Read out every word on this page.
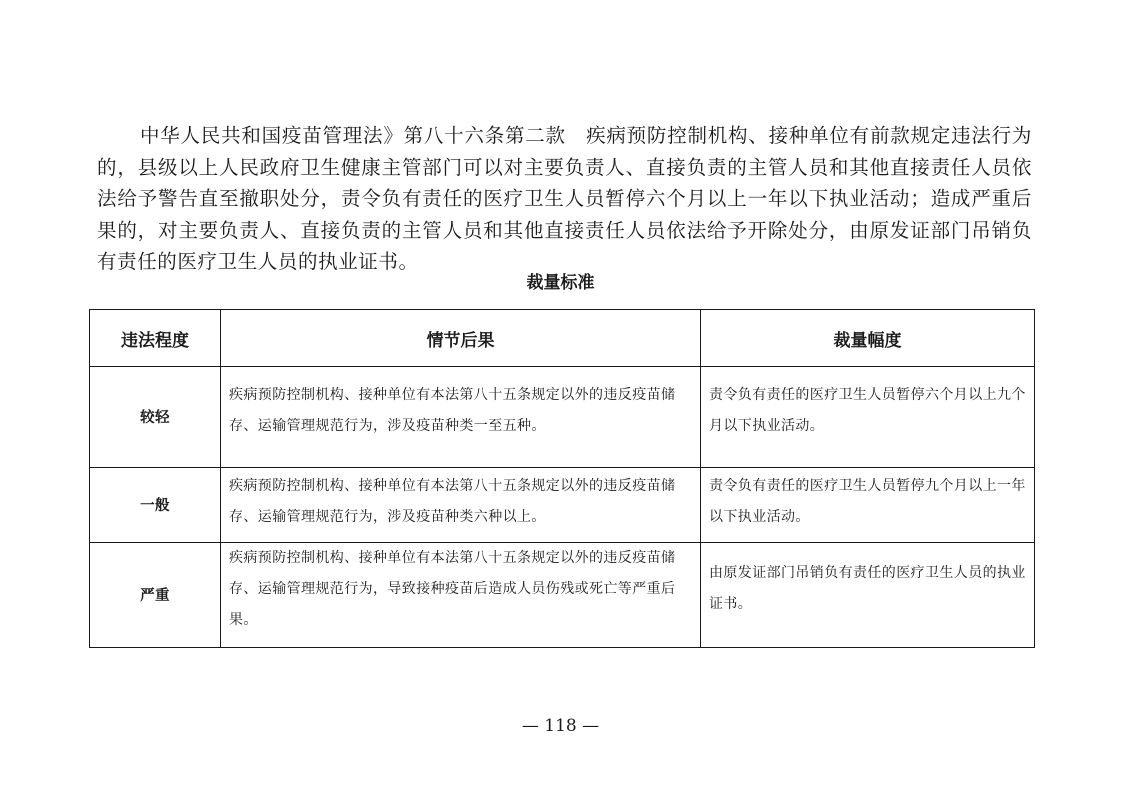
中华人民共和国疫苗管理法》第八十六条第二款　疾病预防控制机构、接种单位有前款规定违法行为的，县级以上人民政府卫生健康主管部门可以对主要负责人、直接负责的主管人员和其他直接责任人员依法给予警告直至撤职处分，责令负有责任的医疗卫生人员暂停六个月以上一年以下执业活动；造成严重后果的，对主要负责人、直接负责的主管人员和其他直接责任人员依法给予开除处分，由原发证部门吊销负有责任的医疗卫生人员的执业证书。

裁量标准

违法程度	情节后果	裁量幅度
较轻	疾病预防控制机构、接种单位有本法第八十五条规定以外的违反疫苗储存、运输管理规范行为，涉及疫苗种类一至五种。	责令负有责任的医疗卫生人员暂停六个月以上九个月以下执业活动。

一般	疾病预防控制机构、接种单位有本法第八十五条规定以外的违反疫苗储存、运输管理规范行为，涉及疫苗种类六种以上。	责令负有责任的医疗卫生人员暂停九个月以上一年以下执业活动。

严重	疾病预防控制机构、接种单位有本法第八十五条规定以外的违反疫苗储存、运输管理规范行为，导致接种疫苗后造成人员伤残或死亡等严重后果。	由原发证部门吊销负有责任的医疗卫生人员的执业证书。

— 118 —
